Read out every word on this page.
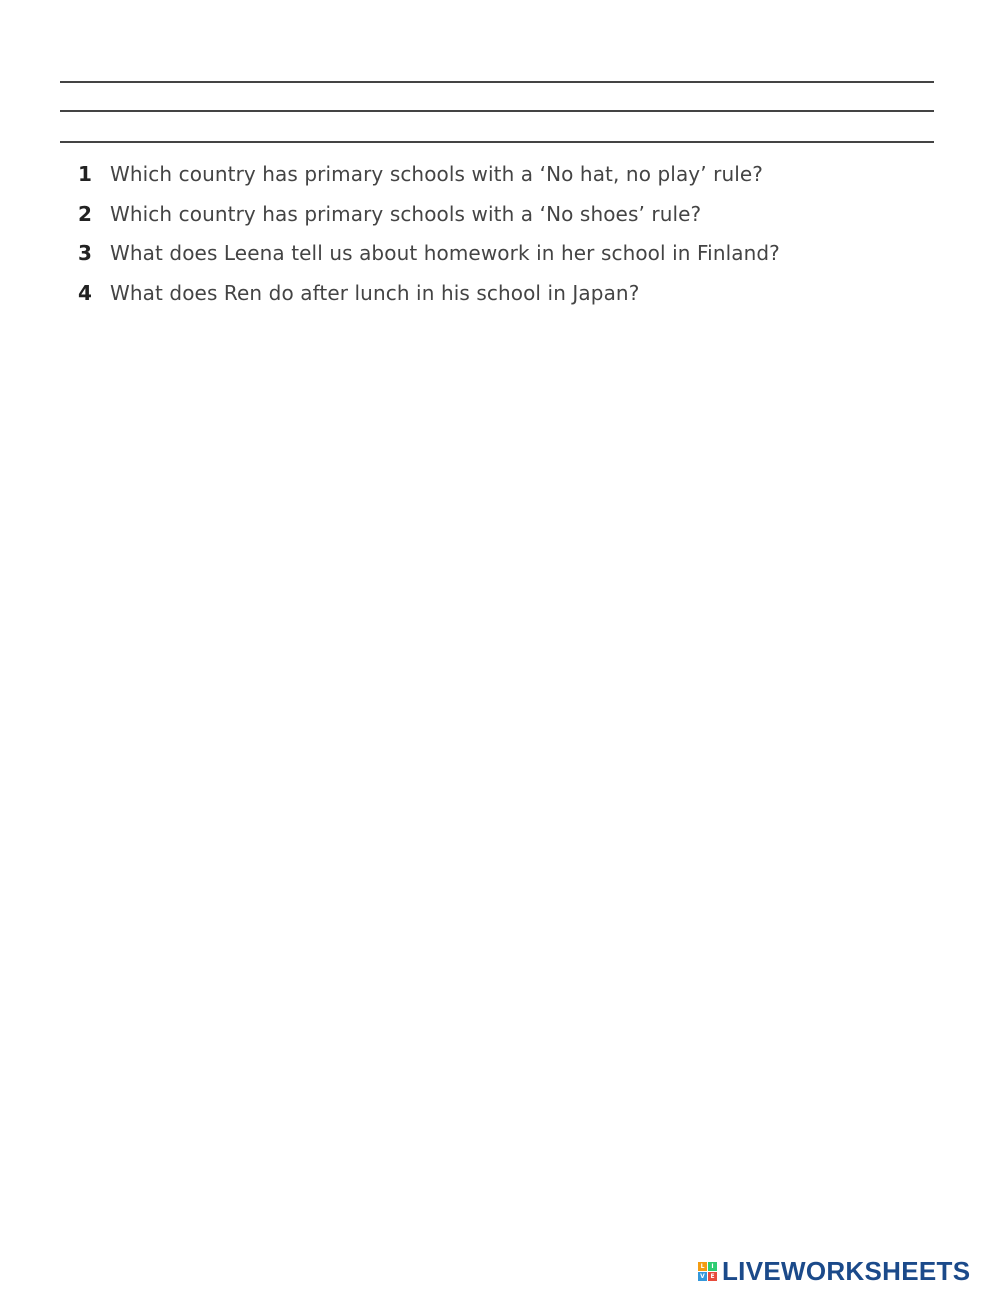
1 Which country has primary schools with a ‘No hat, no play’ rule?
2 Which country has primary schools with a ‘No shoes’ rule?
3 What does Leena tell us about homework in her school in Finland?
4 What does Ren do after lunch in his school in Japan?
L	I
V E LIVEWORKSHEETS
